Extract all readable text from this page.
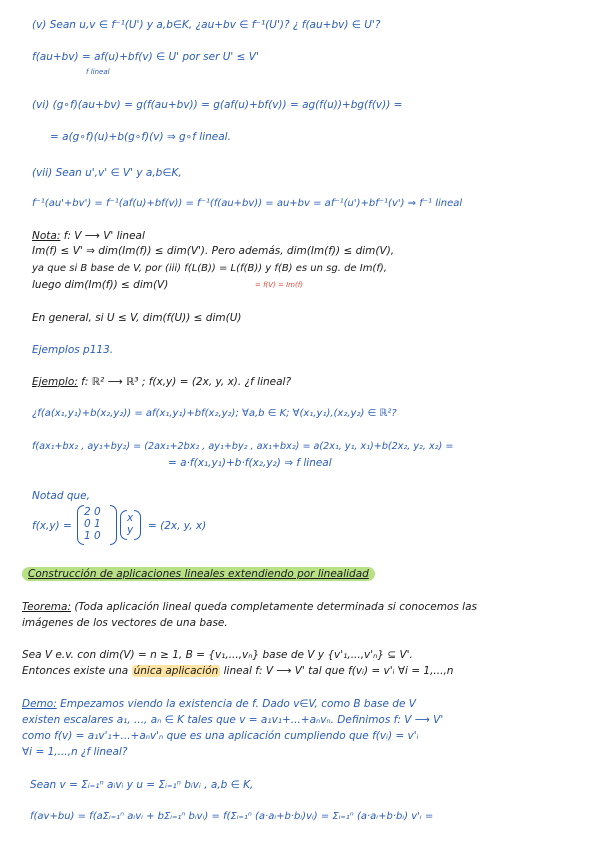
(v) Sean u,v ∈ f⁻¹(U') y a,b∈K, ¿au+bv ∈ f⁻¹(U')? ¿ f(au+bv) ∈ U'?
f(au+bv) = af(u)+bf(v) ∈ U' por ser U' ≤ V'
f lineal
(vi) (g∘f)(au+bv) = g(f(au+bv)) = g(af(u)+bf(v)) = ag(f(u))+bg(f(v)) =
= a(g∘f)(u)+b(g∘f)(v) ⇒ g∘f lineal.
(vii) Sean u',v' ∈ V' y a,b∈K,
f⁻¹(au'+bv') = f⁻¹(af(u)+bf(v)) = f⁻¹(f(au+bv)) = au+bv = af⁻¹(u')+bf⁻¹(v') ⇒ f⁻¹ lineal
Nota: f: V ⟶ V' lineal
Im(f) ≤ V' ⇒ dim(Im(f)) ≤ dim(V'). Pero además, dim(Im(f)) ≤ dim(V),
ya que si B base de V, por (iii) f(L(B)) = L(f(B)) y f(B) es un sg. de Im(f),
= f(V) = Im(f)
luego dim(Im(f)) ≤ dim(V)
En general, si U ≤ V, dim(f(U)) ≤ dim(U)
Ejemplos p113.
Ejemplo: f: ℝ² ⟶ ℝ³ ; f(x,y) = (2x, y, x). ¿f lineal?
¿f(a(x₁,y₁)+b(x₂,y₂)) = af(x₁,y₁)+bf(x₂,y₂); ∀a,b ∈ K; ∀(x₁,y₁),(x₂,y₂) ∈ ℝ²?
f(ax₁+bx₂ , ay₁+by₂) = (2ax₁+2bx₂ , ay₁+by₂ , ax₁+bx₂) = a(2x₁, y₁, x₁)+b(2x₂, y₂, x₂) =
= a·f(x₁,y₁)+b·f(x₂,y₂) ⇒ f lineal
Notad que,
f(x,y) =
2 0
0 1
1 0
x
y = (2x, y, x)
Construcción de aplicaciones lineales extendiendo por linealidad
Teorema: (Toda aplicación lineal queda completamente determinada si conocemos las
imágenes de los vectores de una base.
Sea V e.v. con dim(V) = n ≥ 1, B = {v₁,...,vₙ} base de V y {v'₁,...,v'ₙ} ⊆ V'.
Entonces existe una única aplicación lineal f: V ⟶ V' tal que f(vᵢ) = v'ᵢ ∀i = 1,...,n
Demo: Empezamos viendo la existencia de f. Dado v∈V, como B base de V
existen escalares a₁, ..., aₙ ∈ K tales que v = a₁v₁+...+aₙvₙ. Definimos f: V ⟶ V'
como f(v) = a₁v'₁+...+aₙv'ₙ que es una aplicación cumpliendo que f(vᵢ) = v'ᵢ
∀i = 1,...,n ¿f lineal?
Sean v = Σᵢ₌₁ⁿ aᵢvᵢ y u = Σᵢ₌₁ⁿ bᵢvᵢ , a,b ∈ K,
f(av+bu) = f(aΣᵢ₌₁ⁿ aᵢvᵢ + bΣᵢ₌₁ⁿ bᵢvᵢ) = f(Σᵢ₌₁ⁿ (a·aᵢ+b·bᵢ)vᵢ) = Σᵢ₌₁ⁿ (a·aᵢ+b·bᵢ) v'ᵢ =
